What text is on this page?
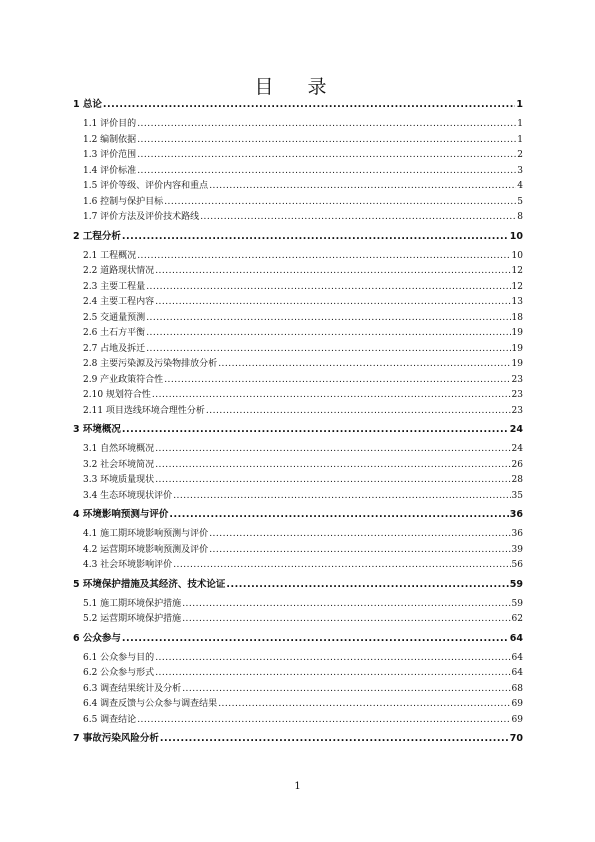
目 录
1 总论 .....	1
1.1 评价目的 .....	1
1.2 编制依据 .....	1
1.3 评价范围 .....	2
1.4 评价标准 .....	3
1.5 评价等级、评价内容和重点 .....	4
1.6 控制与保护目标 .....	5
1.7 评价方法及评价技术路线 .....	8
2 工程分析 .....	10
2.1 工程概况 .....	10
2.2 道路现状情况 .....	12
2.3 主要工程量 .....	12
2.4 主要工程内容 .....	13
2.5 交通量预测 .....	18
2.6 土石方平衡 .....	19
2.7 占地及拆迁 .....	19
2.8 主要污染源及污染物排放分析 .....	19
2.9 产业政策符合性 .....	23
2.10 规划符合性 .....	23
2.11 项目选线环境合理性分析 .....	23
3 环境概况 .....	24
3.1 自然环境概况 .....	24
3.2 社会环境简况 .....	26
3.3 环境质量现状 .....	28
3.4 生态环境现状评价 .....	35
4 环境影响预测与评价 .....	36
4.1 施工期环境影响预测与评价 .....	36
4.2 运营期环境影响预测及评价 .....	39
4.3 社会环境影响评价 .....	56
5 环境保护措施及其经济、技术论证 .....	59
5.1 施工期环境保护措施 .....	59
5.2 运营期环境保护措施 .....	62
6 公众参与 .....	64
6.1 公众参与目的 .....	64
6.2 公众参与形式 .....	64
6.3 调查结果统计及分析 .....	68
6.4 调查反馈与公众参与调查结果 .....	69
6.5 调查结论 .....	69
7 事故污染风险分析 .....	70
1
